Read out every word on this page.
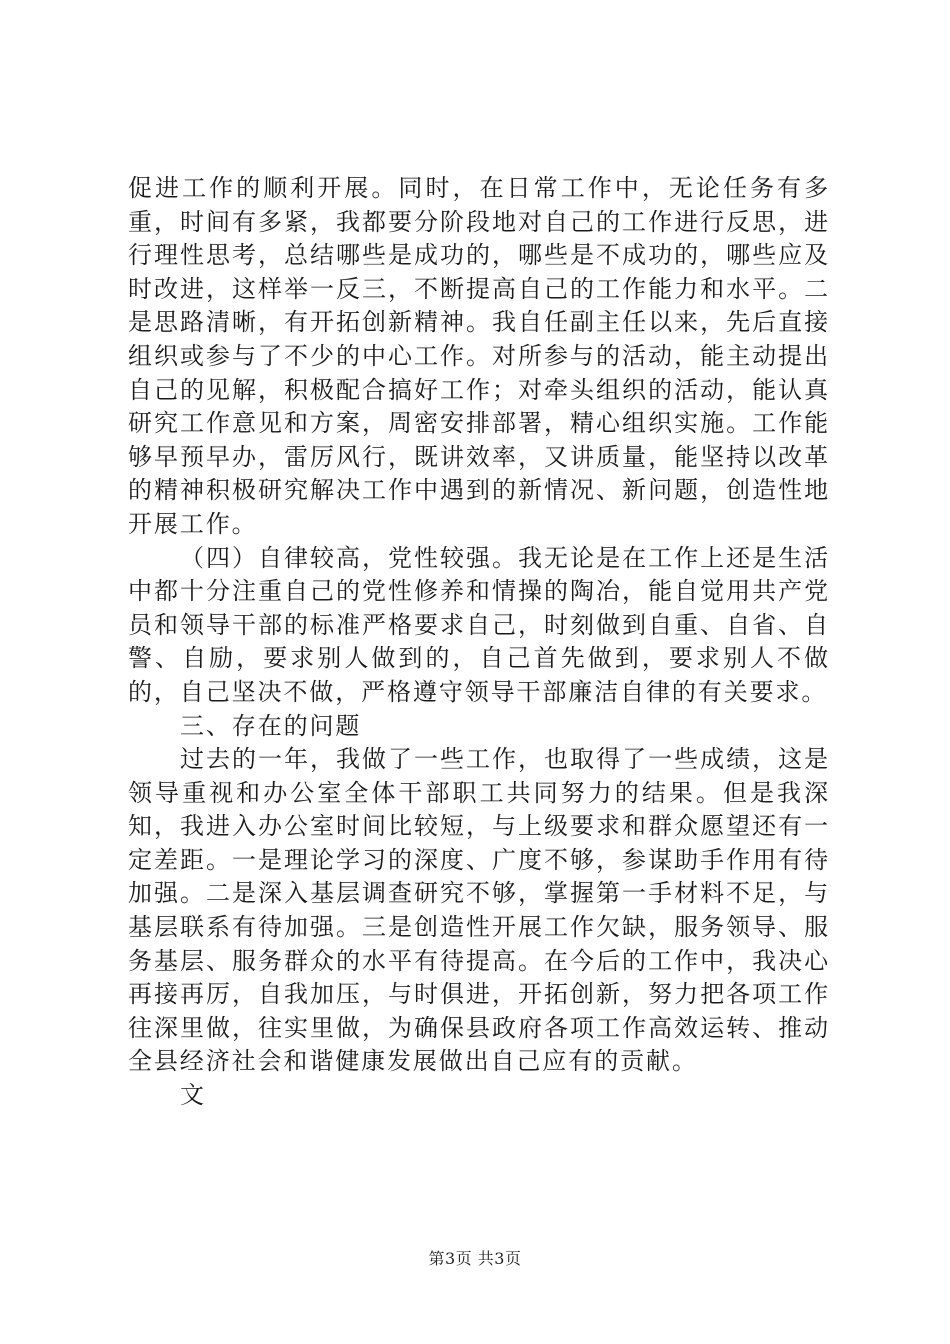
促进工作的顺利开展。同时，在日常工作中，无论任务有多重，时间有多紧，我都要分阶段地对自己的工作进行反思，进行理性思考，总结哪些是成功的，哪些是不成功的，哪些应及时改进，这样举一反三，不断提高自己的工作能力和水平。二是思路清晰，有开拓创新精神。我自任副主任以来，先后直接组织或参与了不少的中心工作。对所参与的活动，能主动提出自己的见解，积极配合搞好工作；对牵头组织的活动，能认真研究工作意见和方案，周密安排部署，精心组织实施。工作能够早预早办，雷厉风行，既讲效率，又讲质量，能坚持以改革的精神积极研究解决工作中遇到的新情况、新问题，创造性地开展工作。

（四）自律较高，党性较强。我无论是在工作上还是生活中都十分注重自己的党性修养和情操的陶冶，能自觉用共产党员和领导干部的标准严格要求自己，时刻做到自重、自省、自警、自励，要求别人做到的，自己首先做到，要求别人不做的，自己坚决不做，严格遵守领导干部廉洁自律的有关要求。

三、存在的问题

过去的一年，我做了一些工作，也取得了一些成绩，这是领导重视和办公室全体干部职工共同努力的结果。但是我深知，我进入办公室时间比较短，与上级要求和群众愿望还有一定差距。一是理论学习的深度、广度不够，参谋助手作用有待加强。二是深入基层调查研究不够，掌握第一手材料不足，与基层联系有待加强。三是创造性开展工作欠缺，服务领导、服务基层、服务群众的水平有待提高。在今后的工作中，我决心再接再厉，自我加压，与时俱进，开拓创新，努力把各项工作往深里做，往实里做，为确保县政府各项工作高效运转、推动全县经济社会和谐健康发展做出自己应有的贡献。

文

第3页 共3页
